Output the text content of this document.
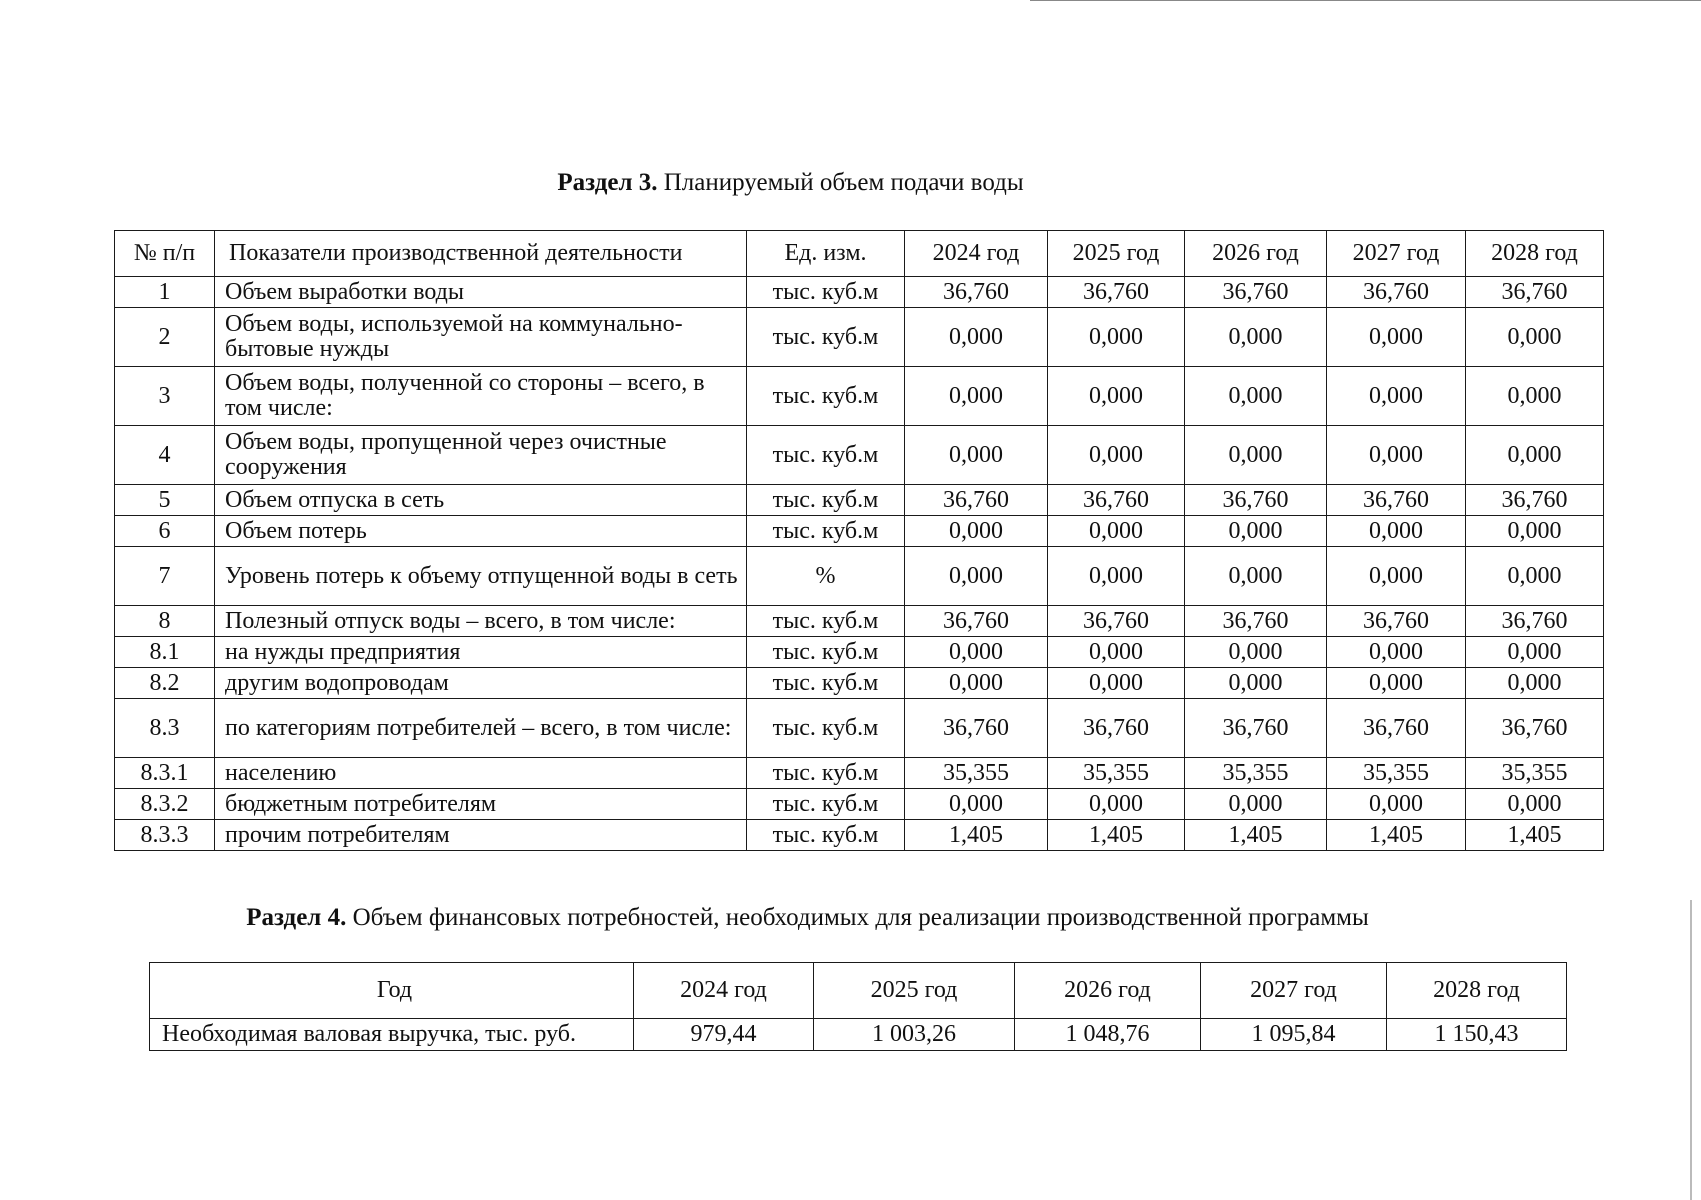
Раздел 3. Планируемый объем подачи воды
№ п/п	Показатели производственной деятельности	Ед. изм.	2024 год	2025 год	2026 год	2027 год	2028 год
1	Объем выработки воды	тыс. куб.м	36,760	36,760	36,760	36,760	36,760
2	Объем воды, используемой на коммунально-бытовые нужды	тыс. куб.м	0,000	0,000	0,000	0,000	0,000
3	Объем воды, полученной со стороны – всего, в том числе:	тыс. куб.м	0,000	0,000	0,000	0,000	0,000
4	Объем воды, пропущенной через очистные сооружения	тыс. куб.м	0,000	0,000	0,000	0,000	0,000
5	Объем отпуска в сеть	тыс. куб.м	36,760	36,760	36,760	36,760	36,760
6	Объем потерь	тыс. куб.м	0,000	0,000	0,000	0,000	0,000
7	Уровень потерь к объему отпущенной воды в сеть	%	0,000	0,000	0,000	0,000	0,000
8	Полезный отпуск воды – всего, в том числе:	тыс. куб.м	36,760	36,760	36,760	36,760	36,760
8.1	на нужды предприятия	тыс. куб.м	0,000	0,000	0,000	0,000	0,000
8.2	другим водопроводам	тыс. куб.м	0,000	0,000	0,000	0,000	0,000
8.3	по категориям потребителей – всего, в том числе:	тыс. куб.м	36,760	36,760	36,760	36,760	36,760
8.3.1	населению	тыс. куб.м	35,355	35,355	35,355	35,355	35,355
8.3.2	бюджетным потребителям	тыс. куб.м	0,000	0,000	0,000	0,000	0,000
8.3.3	прочим потребителям	тыс. куб.м	1,405	1,405	1,405	1,405	1,405
Раздел 4. Объем финансовых потребностей, необходимых для реализации производственной программы
Год	2024 год	2025 год	2026 год	2027 год	2028 год
Необходимая валовая выручка, тыс. руб.	979,44	1 003,26	1 048,76	1 095,84	1 150,43
